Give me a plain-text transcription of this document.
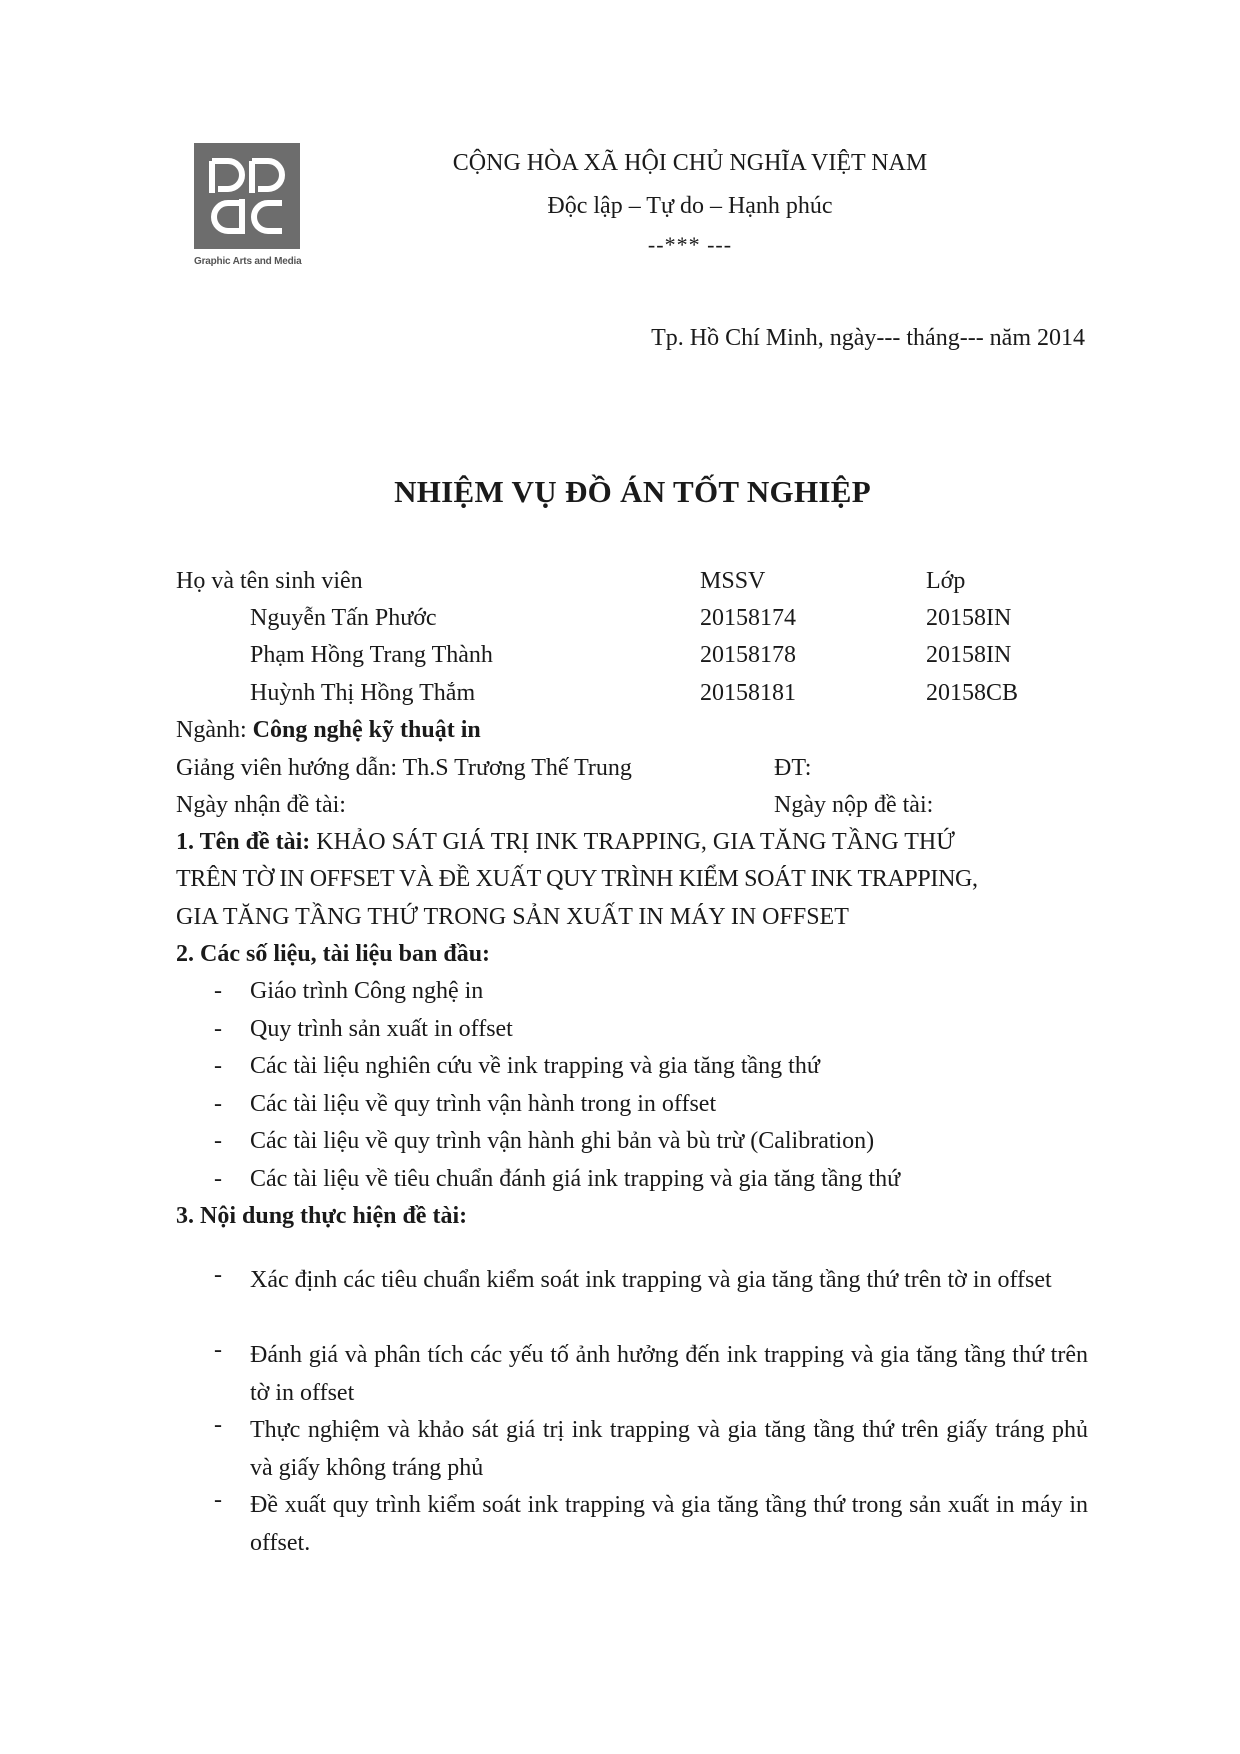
Graphic Arts and Media
CỘNG HÒA XÃ HỘI CHỦ NGHĨA VIỆT NAM
Độc lập – Tự do – Hạnh phúc
--*** ---
Tp. Hồ Chí Minh, ngày--- tháng--- năm 2014
NHIỆM VỤ ĐỒ ÁN TỐT NGHIỆP
Họ và tên sinh viên	MSSV	Lớp
Nguyễn Tấn Phước	20158174	20158IN
Phạm Hồng Trang Thành	20158178	20158IN
Huỳnh Thị Hồng Thắm	20158181	20158CB
Ngành: Công nghệ kỹ thuật in
Giảng viên hướng dẫn: Th.S Trương Thế Trung	ĐT:
Ngày nhận đề tài:	Ngày nộp đề tài:
1. Tên đề tài: KHẢO SÁT GIÁ TRỊ INK TRAPPING, GIA TĂNG TẦNG THỨ
TRÊN TỜ IN OFFSET VÀ ĐỀ XUẤT QUY TRÌNH KIỂM SOÁT INK TRAPPING,
GIA TĂNG TẦNG THỨ TRONG SẢN XUẤT IN MÁY IN OFFSET
2. Các số liệu, tài liệu ban đầu:
- Giáo trình Công nghệ in
- Quy trình sản xuất in offset
- Các tài liệu nghiên cứu về ink trapping và gia tăng tầng thứ
- Các tài liệu về quy trình vận hành trong in offset
- Các tài liệu về quy trình vận hành ghi bản và bù trừ (Calibration)
- Các tài liệu về tiêu chuẩn đánh giá ink trapping và gia tăng tầng thứ
3. Nội dung thực hiện đề tài:
- Xác định các tiêu chuẩn kiểm soát ink trapping và gia tăng tầng thứ trên tờ in offset
- Đánh giá và phân tích các yếu tố ảnh hưởng đến ink trapping và gia tăng tầng thứ trên tờ in offset
- Thực nghiệm và khảo sát giá trị ink trapping và gia tăng tầng thứ trên giấy tráng phủ và giấy không tráng phủ
- Đề xuất quy trình kiểm soát ink trapping và gia tăng tầng thứ trong sản xuất in máy in offset.
